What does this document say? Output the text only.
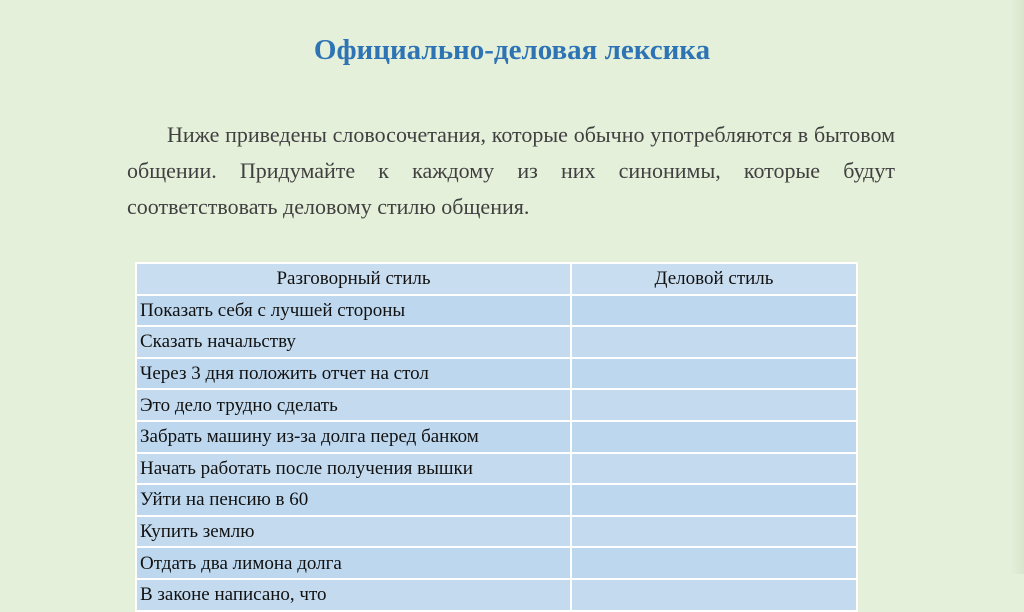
Официально-деловая лексика

Ниже приведены словосочетания, которые обычно употребляются в бытовом общении. Придумайте к каждому из них синонимы, которые будут соответствовать деловому стилю общения.

Разговорный стиль	Деловой стиль
Показать себя с лучшей стороны	
Сказать начальству	
Через 3 дня положить отчет на стол	
Это дело трудно сделать	
Забрать машину из-за долга перед банком	
Начать работать после получения вышки	
Уйти на пенсию в 60	
Купить землю	
Отдать два лимона долга	
В законе написано, что	
